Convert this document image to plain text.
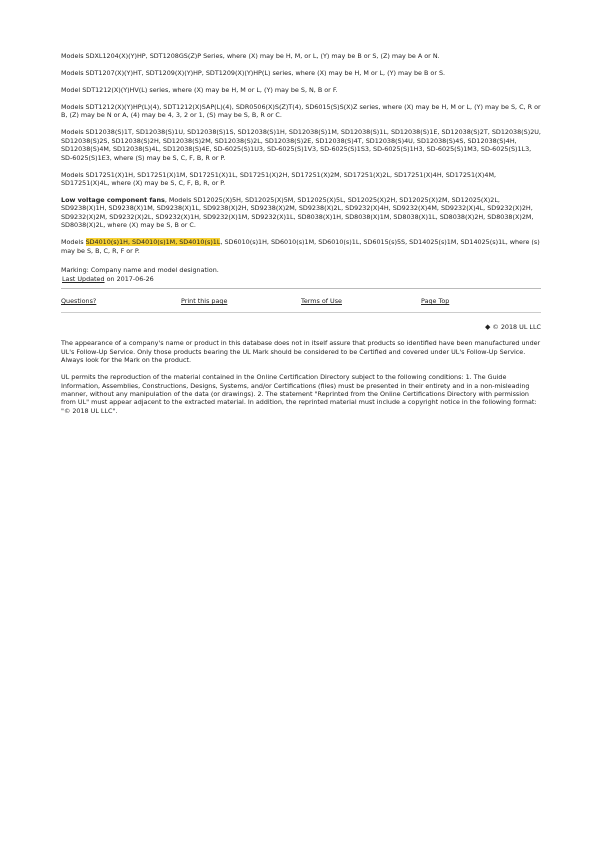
Models SDXL1204(X)(Y)HP, SDT1208GS(Z)P Series, where (X) may be H, M, or L, (Y) may be B or S, (Z) may be A or N.

Models SDT1207(X)(Y)HT, SDT1209(X)(Y)HP, SDT1209(X)(Y)HP(L) series, where (X) may be H, M or L, (Y) may be B or S.

Model SDT1212(X)(Y)HV(L) series, where (X) may be H, M or L, (Y) may be S, N, B or F.

Models SDT1212(X)(Y)HP(L)(4), SDT1212(X)SAP(L)(4), SDR0506(X)S(Z)T(4), SD6015(S)S(X)Z series, where (X) may be H, M or L, (Y) may be S, C, R or B, (Z) may be N or A, (4) may be 4, 3, 2 or 1, (S) may be S, B, R or C.

Models SD12038(S)1T, SD12038(S)1U, SD12038(S)1S, SD12038(S)1H, SD12038(S)1M, SD12038(S)1L, SD12038(S)1E, SD12038(S)2T, SD12038(S)2U, SD12038(S)2S, SD12038(S)2H, SD12038(S)2M, SD12038(S)2L, SD12038(S)2E, SD12038(S)4T, SD12038(S)4U, SD12038(S)4S, SD12038(S)4H, SD12038(S)4M, SD12038(S)4L, SD12038(S)4E, SD-6025(S)1U3, SD-6025(S)1V3, SD-6025(S)1S3, SD-6025(S)1H3, SD-6025(S)1M3, SD-6025(S)1L3, SD-6025(S)1E3, where (S) may be S, C, F, B, R or P.

Models SD17251(X)1H, SD17251(X)1M, SD17251(X)1L, SD17251(X)2H, SD17251(X)2M, SD17251(X)2L, SD17251(X)4H, SD17251(X)4M, SD17251(X)4L, where (X) may be S, C, F, B, R, or P.

Low voltage component fans, Models SD12025(X)5H, SD12025(X)5M, SD12025(X)5L, SD12025(X)2H, SD12025(X)2M, SD12025(X)2L, SD9238(X)1H, SD9238(X)1M, SD9238(X)1L, SD9238(X)2H, SD9238(X)2M, SD9238(X)2L, SD9232(X)4H, SD9232(X)4M, SD9232(X)4L, SD9232(X)2H, SD9232(X)2M, SD9232(X)2L, SD9232(X)1H, SD9232(X)1M, SD9232(X)1L, SD8038(X)1H, SD8038(X)1M, SD8038(X)1L, SD8038(X)2H, SD8038(X)2M, SD8038(X)2L, where (X) may be S, B or C.

Models SD4010(s)1H, SD4010(s)1M, SD4010(s)1L, SD6010(s)1H, SD6010(s)1M, SD6010(s)1L, SD6015(s)5S, SD14025(s)1M, SD14025(s)1L, where (s) may be S, B, C, R, F or P.

Marking: Company name and model designation.
Last Updated on 2017-06-26
Questions?	Print this page	Terms of Use	Page Top
◆ © 2018 UL LLC

The appearance of a company's name or product in this database does not in itself assure that products so identified have been manufactured under UL's Follow-Up Service. Only those products bearing the UL Mark should be considered to be Certified and covered under UL's Follow-Up Service. Always look for the Mark on the product.

UL permits the reproduction of the material contained in the Online Certification Directory subject to the following conditions: 1. The Guide Information, Assemblies, Constructions, Designs, Systems, and/or Certifications (files) must be presented in their entirety and in a non-misleading manner, without any manipulation of the data (or drawings). 2. The statement "Reprinted from the Online Certifications Directory with permission from UL" must appear adjacent to the extracted material. In addition, the reprinted material must include a copyright notice in the following format: "© 2018 UL LLC".
